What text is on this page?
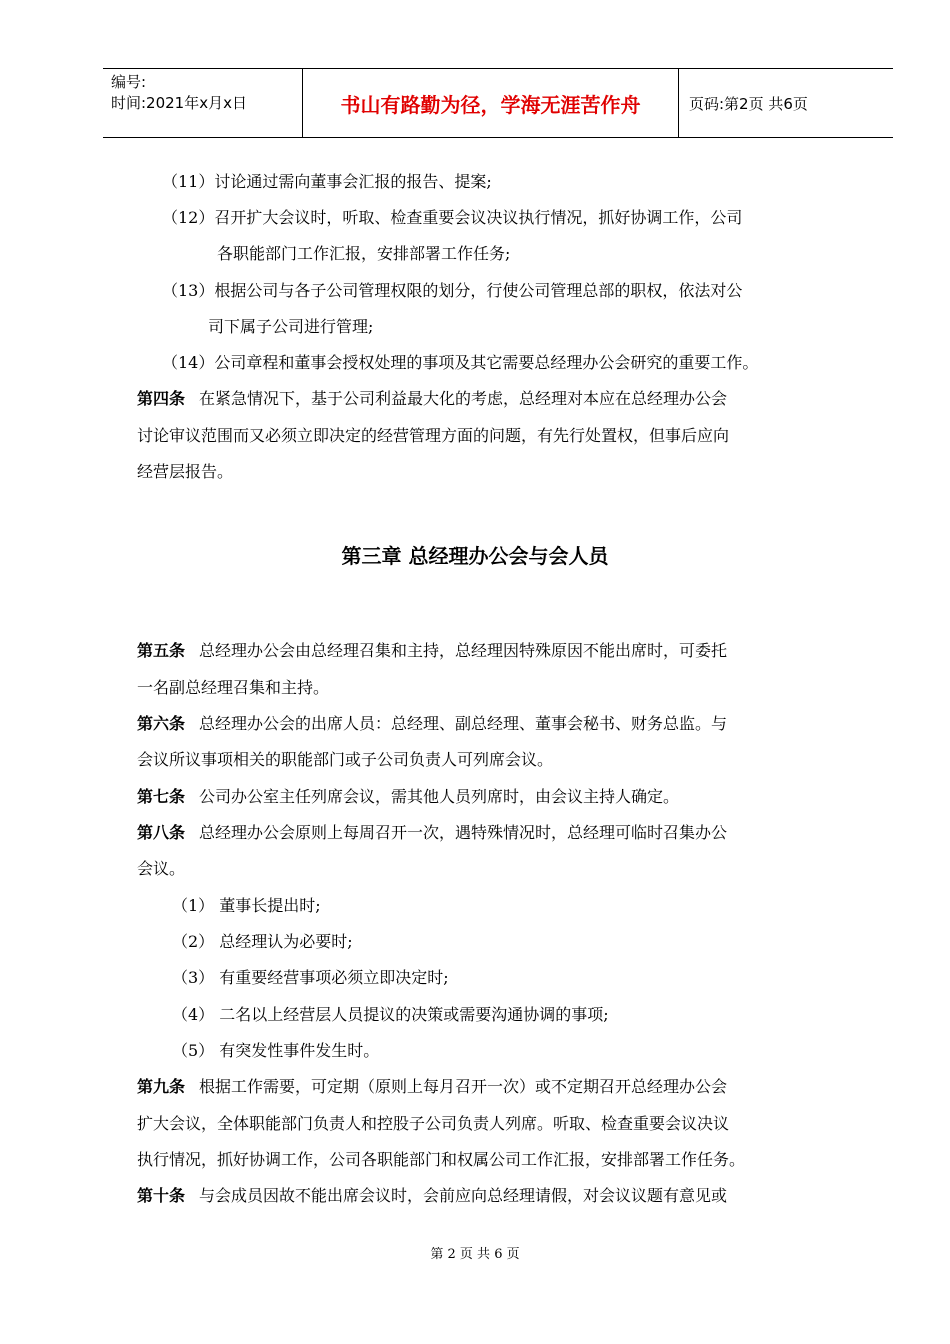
编号:
时间:2021年x月x日	书山有路勤为径，学海无涯苦作舟	页码:第2页 共6页
（11）讨论通过需向董事会汇报的报告、提案;
（12）召开扩大会议时，听取、检查重要会议决议执行情况，抓好协调工作，公司
各职能部门工作汇报，安排部署工作任务;
（13）根据公司与各子公司管理权限的划分，行使公司管理总部的职权，依法对公
司下属子公司进行管理;
（14）公司章程和董事会授权处理的事项及其它需要总经理办公会研究的重要工作。
第四条 在紧急情况下，基于公司利益最大化的考虑，总经理对本应在总经理办公会
讨论审议范围而又必须立即决定的经营管理方面的问题，有先行处置权，但事后应向
经营层报告。
第三章 总经理办公会与会人员
第五条 总经理办公会由总经理召集和主持，总经理因特殊原因不能出席时，可委托
一名副总经理召集和主持。
第六条 总经理办公会的出席人员：总经理、副总经理、董事会秘书、财务总监。与
会议所议事项相关的职能部门或子公司负责人可列席会议。
第七条 公司办公室主任列席会议，需其他人员列席时，由会议主持人确定。
第八条 总经理办公会原则上每周召开一次，遇特殊情况时，总经理可临时召集办公
会议。
（1） 董事长提出时;
（2） 总经理认为必要时;
（3） 有重要经营事项必须立即决定时;
（4） 二名以上经营层人员提议的决策或需要沟通协调的事项;
（5） 有突发性事件发生时。
第九条 根据工作需要，可定期（原则上每月召开一次）或不定期召开总经理办公会
扩大会议，全体职能部门负责人和控股子公司负责人列席。听取、检查重要会议决议
执行情况，抓好协调工作，公司各职能部门和权属公司工作汇报，安排部署工作任务。
第十条 与会成员因故不能出席会议时，会前应向总经理请假，对会议议题有意见或
第 2 页 共 6 页
